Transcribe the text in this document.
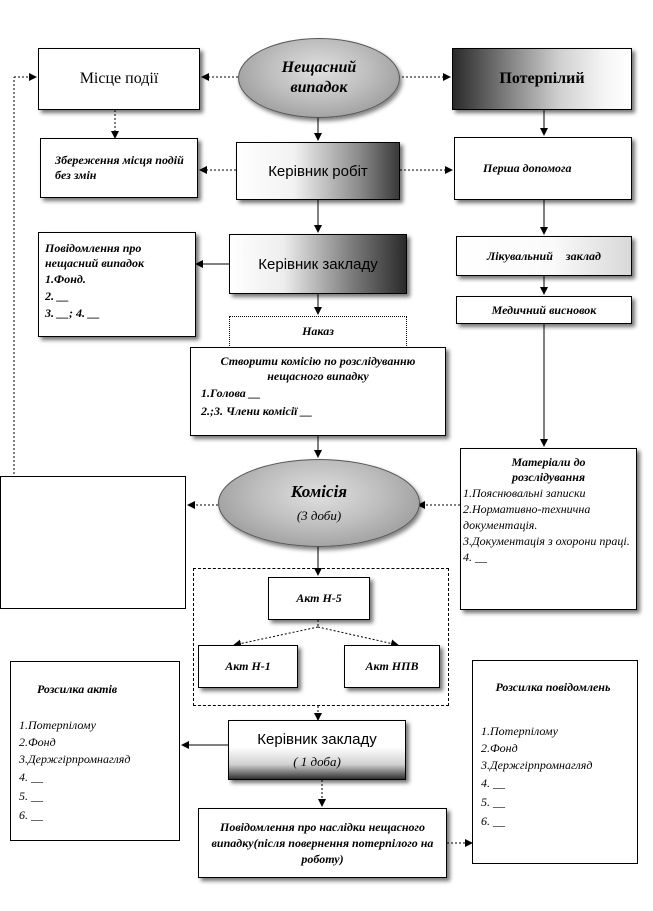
Місце події
Нещасний випадок
Потерпілий
Збереження місця подій без змін	Керівник робіт	Перша допомога
Повідомлення про нещасний випадок
1.Фонд.
2. __
3. __; 4. __
Керівник закладу	Лікувальний заклад
Медичний висновок
Наказ
Створити комісію по розслідуванню нещасного випадку
1.Голова __
2.;3. Члени комісії __
Матеріали до розслідування
1.Пояснювальні записки
2.Нормативно-технична документація.
3.Документація з охорони праці.
4. __
Комісія
(3 доби)
Акт Н-5
Акт Н-1	Акт НПВ
Розсилка актів
1.Потерпілому
2.Фонд
3.Держгірпромнагляд
4. __
5. __
6. __
Керівник закладу
( 1 доба)
Розсилка повідомлень
1.Потерпілому
2.Фонд
3.Держгірпромнагляд
4. __
5. __
6. __
Повідомлення про наслідки нещасного випадку(після повернення потерпілого на роботу)
